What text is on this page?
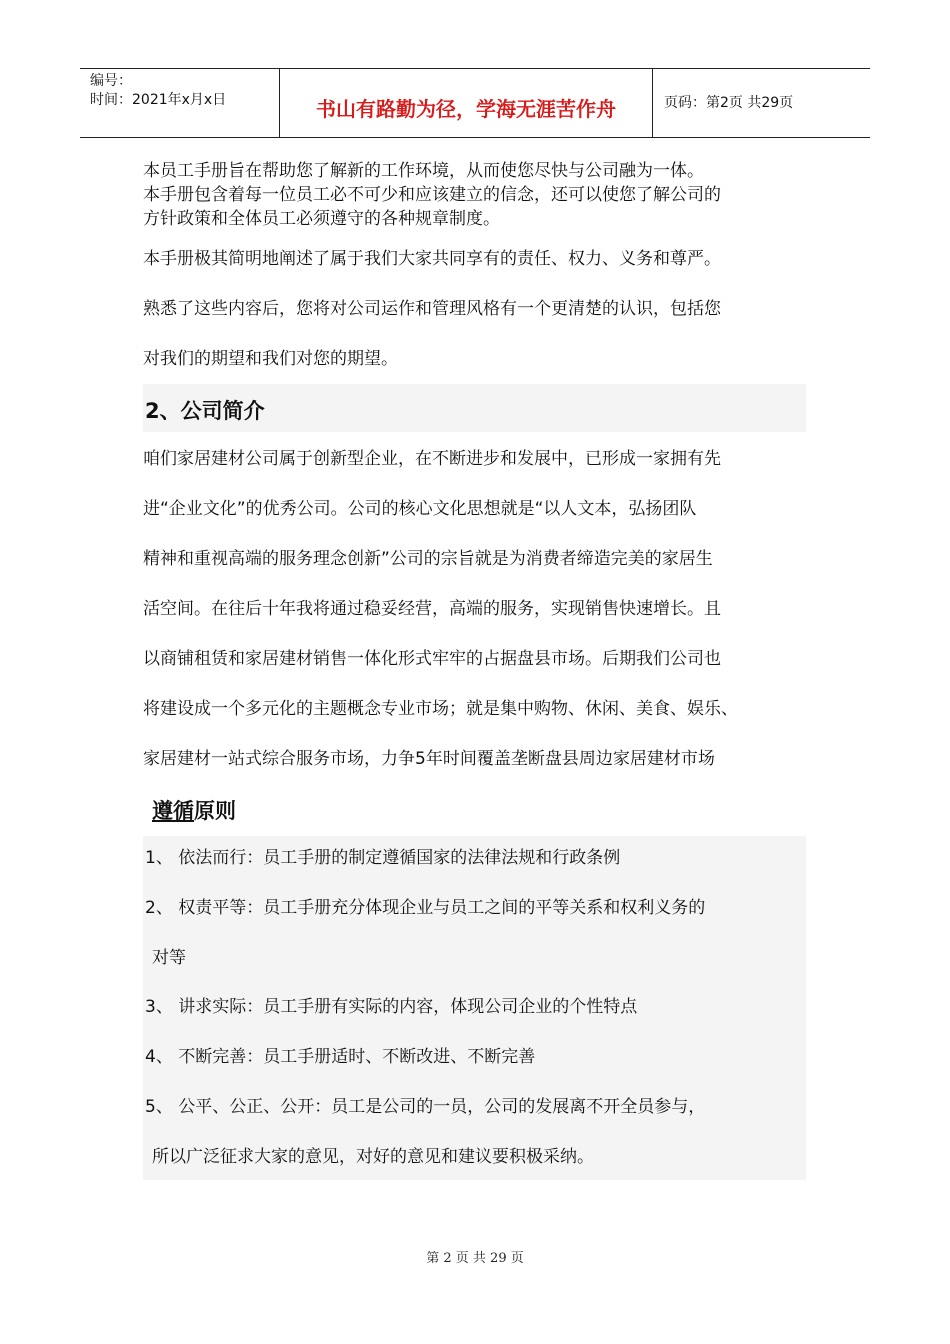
编号：
时间：2021年x月x日	书山有路勤为径，学海无涯苦作舟	页码：第2页 共29页
本员工手册旨在帮助您了解新的工作环境，从而使您尽快与公司融为一体。
本手册包含着每一位员工必不可少和应该建立的信念，还可以使您了解公司的
方针政策和全体员工必须遵守的各种规章制度。
本手册极其简明地阐述了属于我们大家共同享有的责任、权力、义务和尊严。
熟悉了这些内容后，您将对公司运作和管理风格有一个更清楚的认识，包括您
对我们的期望和我们对您的期望。
2、公司简介
咱们家居建材公司属于创新型企业，在不断进步和发展中，已形成一家拥有先
进“企业文化”的优秀公司。公司的核心文化思想就是“以人文本，弘扬团队
精神和重视高端的服务理念创新”公司的宗旨就是为消费者缔造完美的家居生
活空间。在往后十年我将通过稳妥经营，高端的服务，实现销售快速增长。且
以商铺租赁和家居建材销售一体化形式牢牢的占据盘县市场。后期我们公司也
将建设成一个多元化的主题概念专业市场；就是集中购物、休闲、美食、娱乐、
家居建材一站式综合服务市场，力争5年时间覆盖垄断盘县周边家居建材市场
遵循原则
1、 依法而行：员工手册的制定遵循国家的法律法规和行政条例
2、 权责平等：员工手册充分体现企业与员工之间的平等关系和权利义务的
对等
3、 讲求实际：员工手册有实际的内容，体现公司企业的个性特点
4、 不断完善：员工手册适时、不断改进、不断完善
5、 公平、公正、公开：员工是公司的一员，公司的发展离不开全员参与，
所以广泛征求大家的意见，对好的意见和建议要积极采纳。
第 2 页 共 29 页
